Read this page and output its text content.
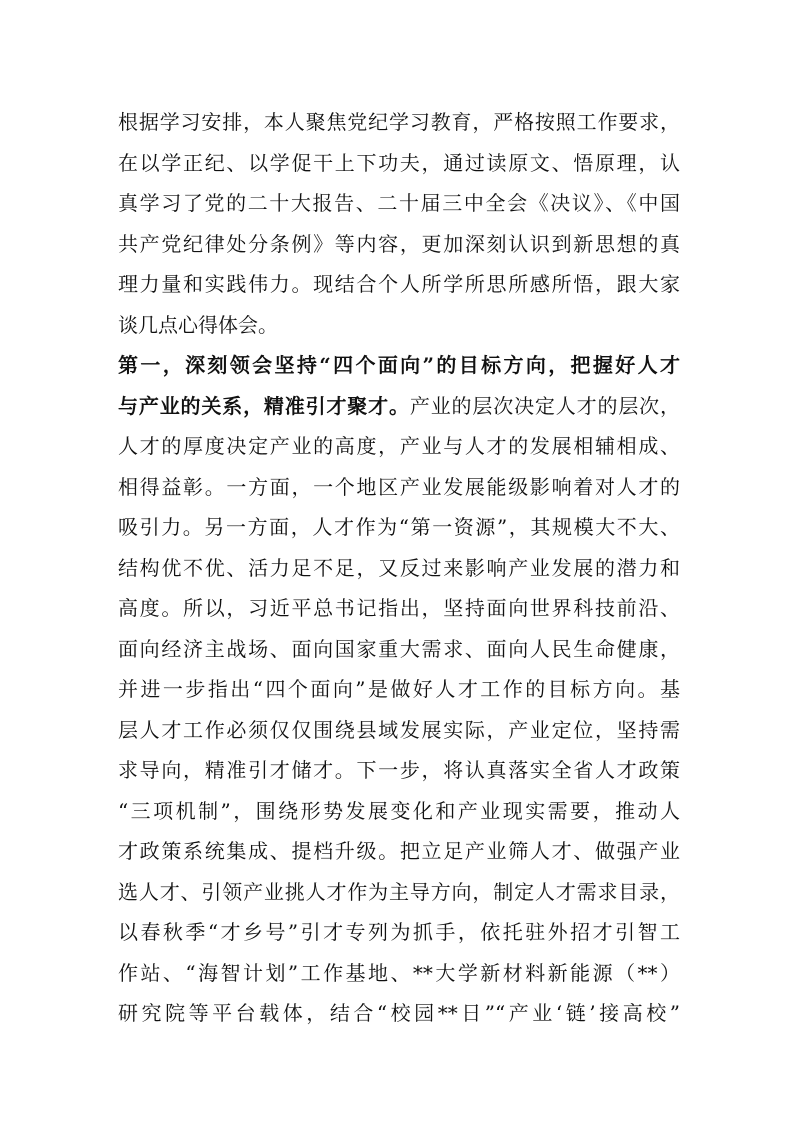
根据学习安排，本人聚焦党纪学习教育，严格按照工作要求，
在以学正纪、以学促干上下功夫，通过读原文、悟原理，认
真学习了党的二十大报告、二十届三中全会《决议》、《中国
共产党纪律处分条例》等内容，更加深刻认识到新思想的真
理力量和实践伟力。现结合个人所学所思所感所悟，跟大家
谈几点心得体会。
第一，深刻领会坚持“四个面向”的目标方向，把握好人才
与产业的关系，精准引才聚才。产业的层次决定人才的层次，
人才的厚度决定产业的高度，产业与人才的发展相辅相成、
相得益彰。一方面，一个地区产业发展能级影响着对人才的
吸引力。另一方面，人才作为“第一资源”，其规模大不大、
结构优不优、活力足不足，又反过来影响产业发展的潜力和
高度。所以，习近平总书记指出，坚持面向世界科技前沿、
面向经济主战场、面向国家重大需求、面向人民生命健康，
并进一步指出“四个面向”是做好人才工作的目标方向。基
层人才工作必须仅仅围绕县域发展实际，产业定位，坚持需
求导向，精准引才储才。下一步，将认真落实全省人才政策
“三项机制”，围绕形势发展变化和产业现实需要，推动人
才政策系统集成、提档升级。把立足产业筛人才、做强产业
选人才、引领产业挑人才作为主导方向，制定人才需求目录，
以春秋季“才乡号”引才专列为抓手，依托驻外招才引智工
作站、“海智计划”工作基地、**大学新材料新能源（**）
研究院等平台载体，结合“校园**日”“产业‘链’接高校”
